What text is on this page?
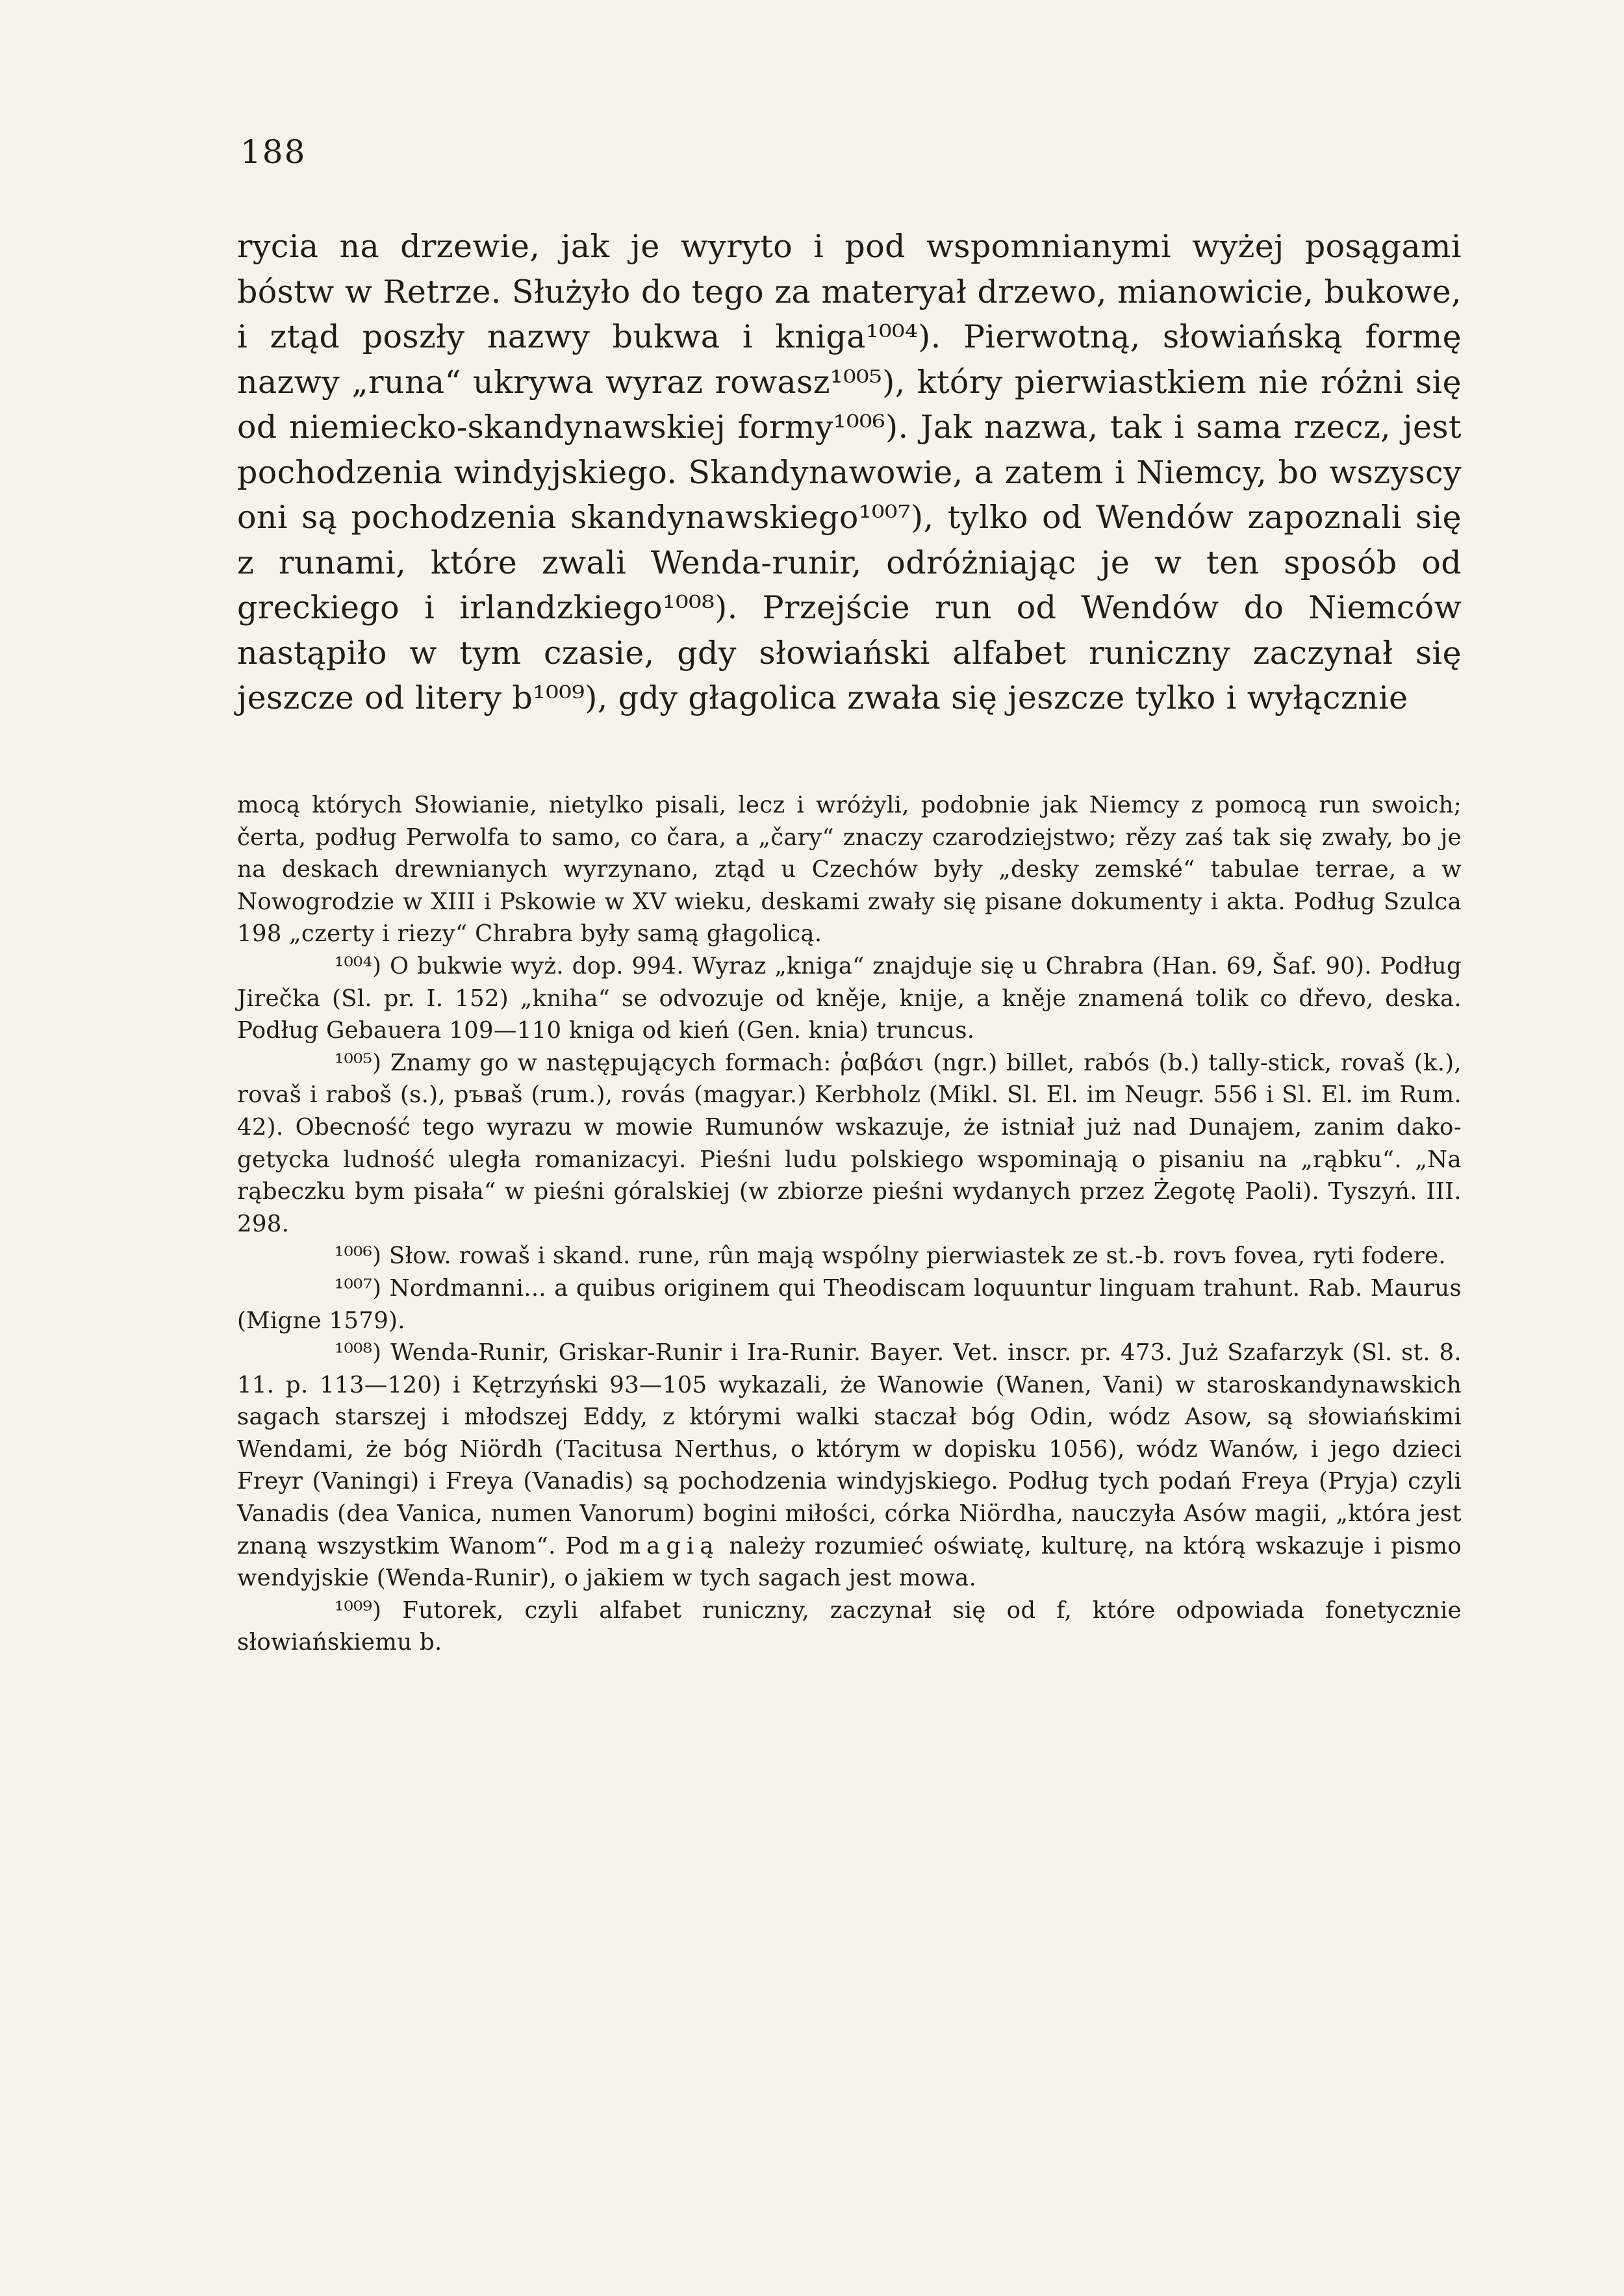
188

rycia na drzewie, jak je wyryto i pod wspomnianymi wyżej posągami bóstw w Retrze. Służyło do tego za materyał drzewo, mianowicie, bukowe, i ztąd poszły nazwy bukwa i kniga¹⁰⁰⁴). Pierwotną, słowiańską formę nazwy „runa“ ukrywa wyraz rowasz¹⁰⁰⁵), który pierwiastkiem nie różni się od niemiecko-skandynawskiej formy¹⁰⁰⁶). Jak nazwa, tak i sama rzecz, jest pochodzenia windyjskiego. Skandynawowie, a zatem i Niemcy, bo wszyscy oni są pochodzenia skandynawskiego¹⁰⁰⁷), tylko od Wendów zapoznali się z runami, które zwali Wenda-runir, odróżniając je w ten sposób od greckiego i irlandzkiego¹⁰⁰⁸). Przejście run od Wendów do Niemców nastąpiło w tym czasie, gdy słowiański alfabet runiczny zaczynał się jeszcze od litery b¹⁰⁰⁹), gdy głagolica zwała się jeszcze tylko i wyłącznie

mocą których Słowianie, nietylko pisali, lecz i wróżyli, podobnie jak Niemcy z pomocą run swoich; čerta, podług Perwolfa to samo, co čara, a „čary“ znaczy czarodziejstwo; rězy zaś tak się zwały, bo je na deskach drewnianych wyrzynano, ztąd u Czechów były „desky zemské“ tabulae terrae, a w Nowogrodzie w XIII i Pskowie w XV wieku, deskami zwały się pisane dokumenty i akta. Podług Szulca 198 „czerty i riezy“ Chrabra były samą głagolicą.

¹⁰⁰⁴) O bukwie wyż. dop. 994. Wyraz „kniga“ znajduje się u Chrabra (Han. 69, Šaf. 90). Podług Jirečka (Sl. pr. I. 152) „kniha“ se odvozuje od kněje, knije, a kněje znamená tolik co dřevo, deska. Podług Gebauera 109—110 kniga od kień (Gen. knia) truncus.

¹⁰⁰⁵) Znamy go w następujących formach: ῥαβάσι (ngr.) billet, rabós (b.) tally-stick, rovaš (k.), rovaš i raboš (s.), ръваš (rum.), rovás (magyar.) Kerbholz (Mikl. Sl. El. im Neugr. 556 i Sl. El. im Rum. 42). Obecność tego wyrazu w mowie Rumunów wskazuje, że istniał już nad Dunajem, zanim dako-getycka ludność uległa romanizacyi. Pieśni ludu polskiego wspominają o pisaniu na „rąbku“. „Na rąbeczku bym pisała“ w pieśni góralskiej (w zbiorze pieśni wydanych przez Żegotę Paoli). Tyszyń. III. 298.

¹⁰⁰⁶) Słow. rowaš i skand. rune, rûn mają wspólny pierwiastek ze st.-b. rovъ fovea, ryti fodere.

¹⁰⁰⁷) Nordmanni... a quibus originem qui Theodiscam loquuntur linguam trahunt. Rab. Maurus (Migne 1579).

¹⁰⁰⁸) Wenda-Runir, Griskar-Runir i Ira-Runir. Bayer. Vet. inscr. pr. 473. Już Szafarzyk (Sl. st. 8. 11. p. 113—120) i Kętrzyński 93—105 wykazali, że Wanowie (Wanen, Vani) w staroskandynawskich sagach starszej i młodszej Eddy, z którymi walki staczał bóg Odin, wódz Asow, są słowiańskimi Wendami, że bóg Niördh (Tacitusa Nerthus, o którym w dopisku 1056), wódz Wanów, i jego dzieci Freyr (Vaningi) i Freya (Vanadis) są pochodzenia windyjskiego. Podług tych podań Freya (Pryja) czyli Vanadis (dea Vanica, numen Vanorum) bogini miłości, córka Niördha, nauczyła Asów magii, „która jest znaną wszystkim Wanom“. Pod magią należy rozumieć oświatę, kulturę, na którą wskazuje i pismo wendyjskie (Wenda-Runir), o jakiem w tych sagach jest mowa.

¹⁰⁰⁹) Futorek, czyli alfabet runiczny, zaczynał się od f, które odpowiada fonetycznie słowiańskiemu b.
